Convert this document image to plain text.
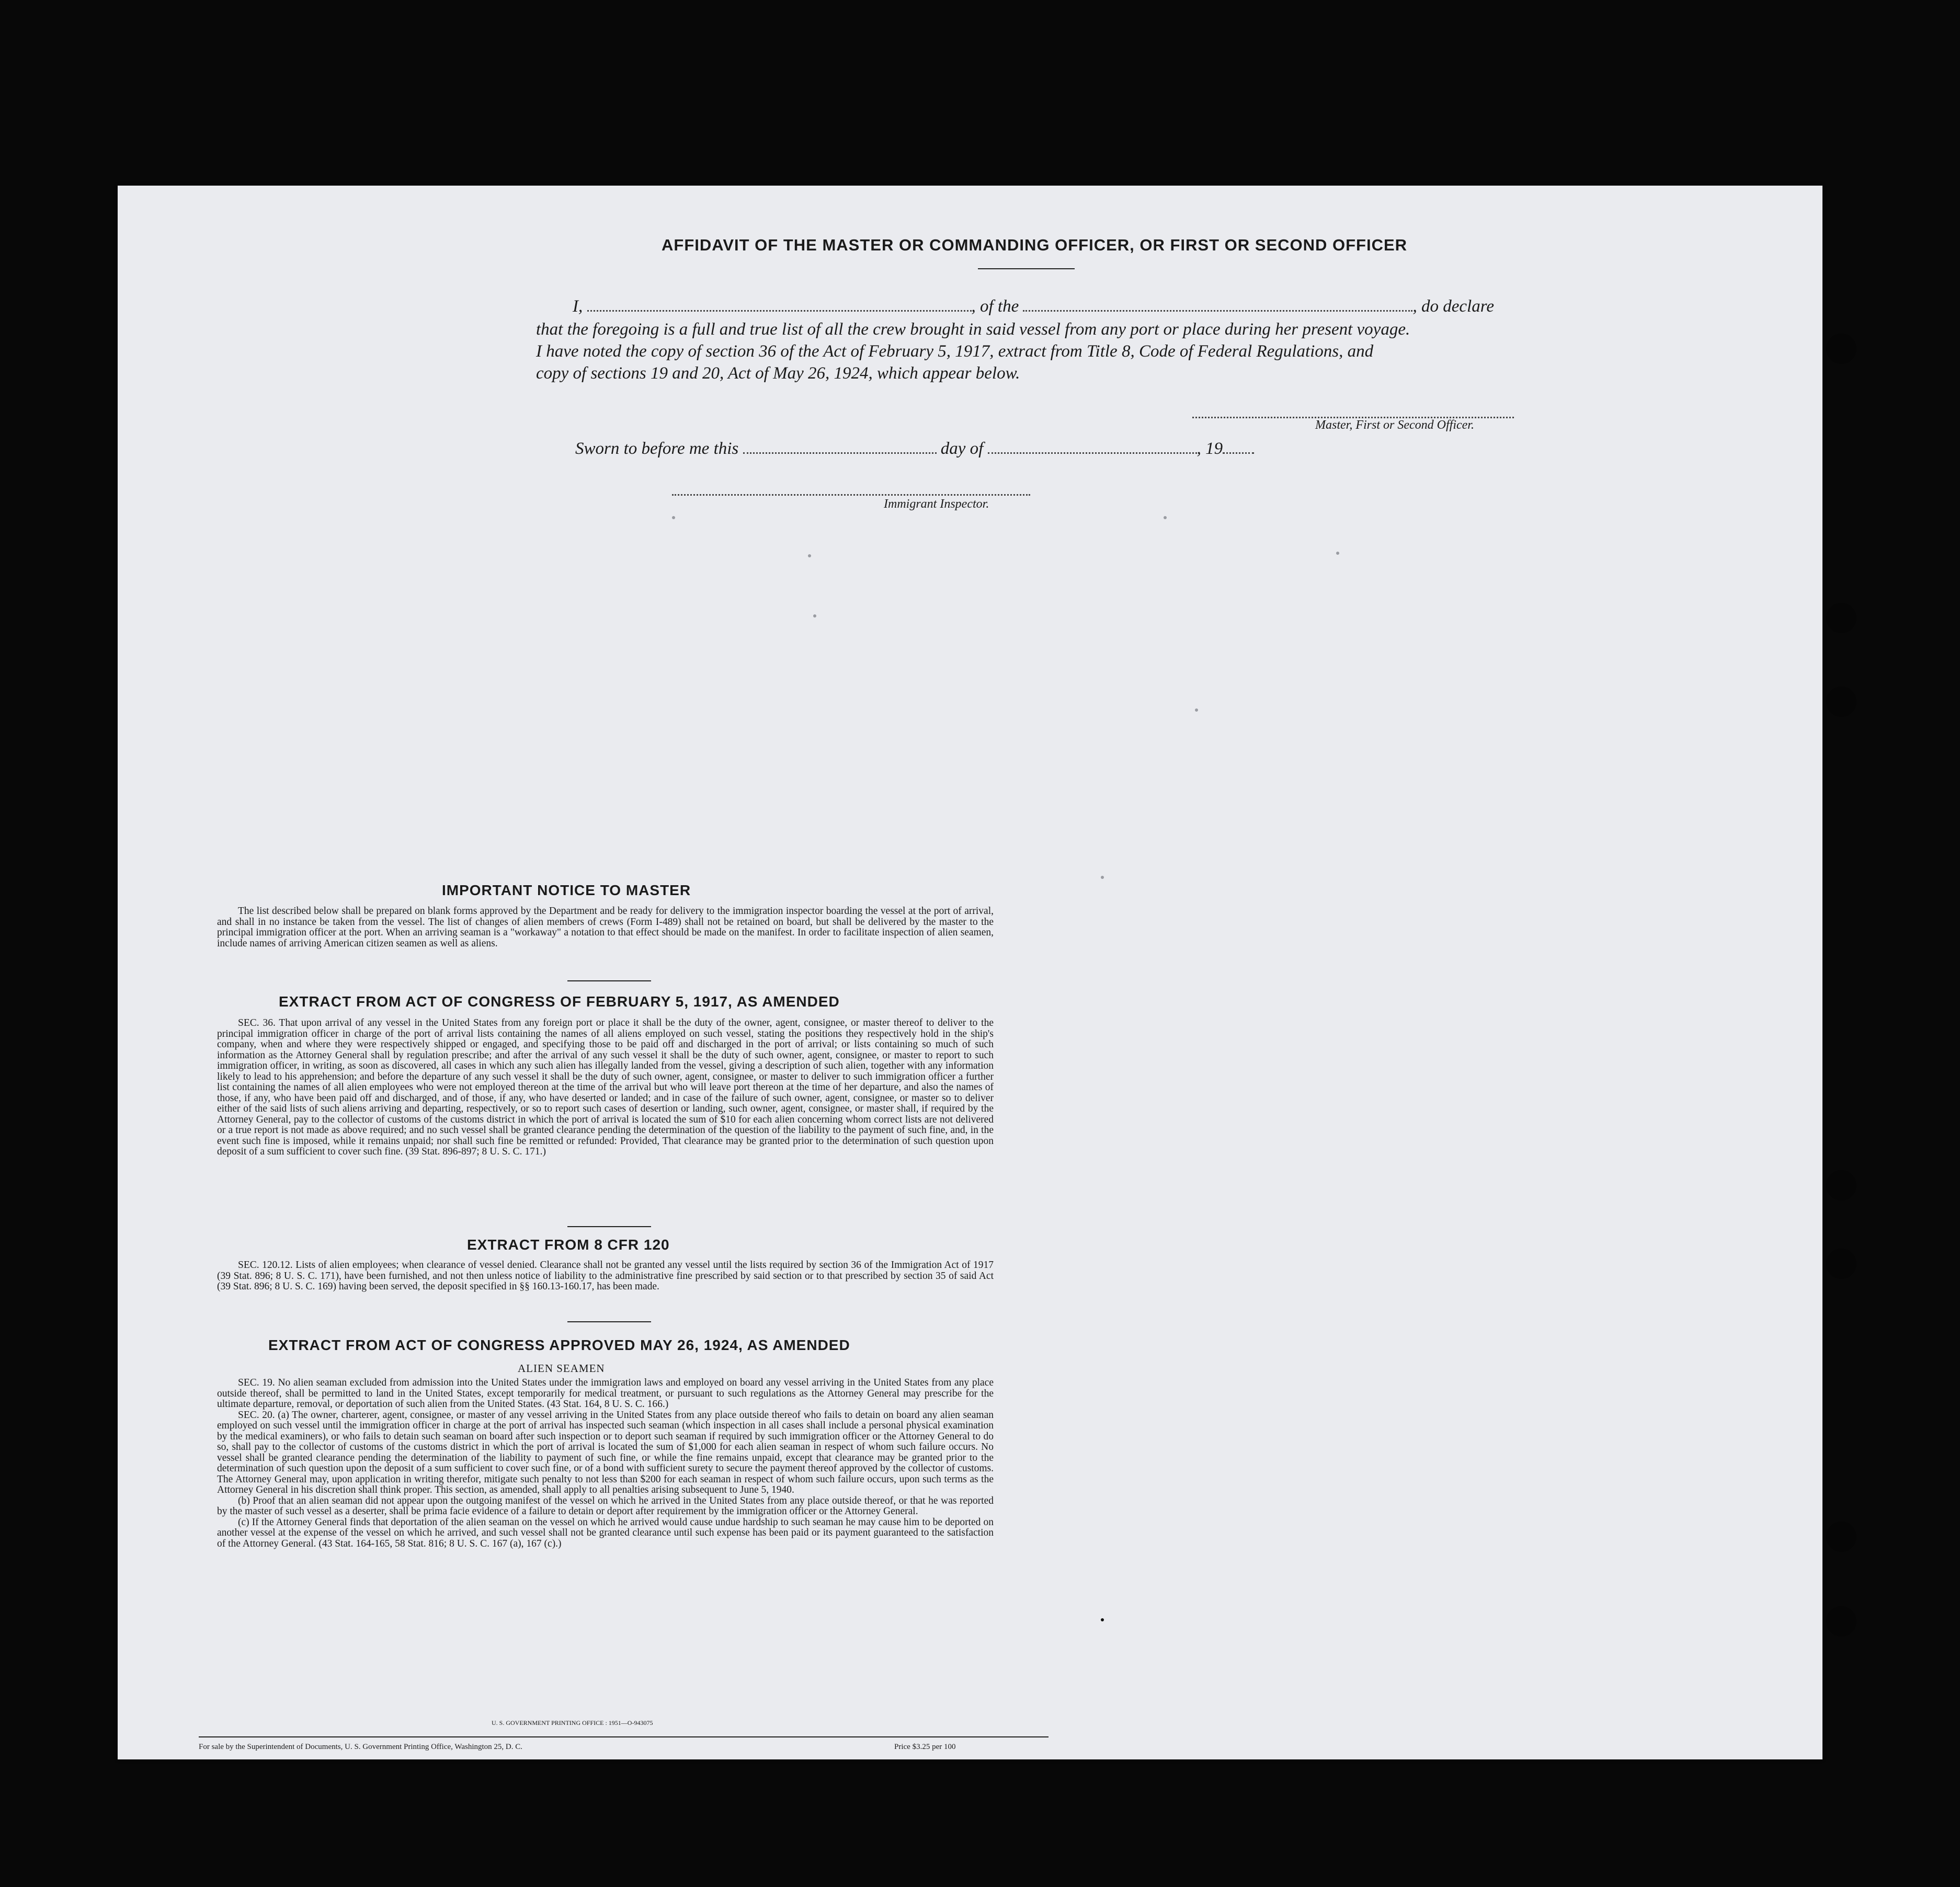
AFFIDAVIT OF THE MASTER OR COMMANDING OFFICER, OR FIRST OR SECOND OFFICER
I,	, of the	, do declare
that the foregoing is a full and true list of all the crew brought in said vessel from any port or place during her present voyage.
I have noted the copy of section 36 of the Act of February 5, 1917, extract from Title 8, Code of Federal Regulations, and
copy of sections 19 and 20, Act of May 26, 1924, which appear below.
Master, First or Second Officer.
Sworn to before me this	day of	, 19
Immigrant Inspector.
IMPORTANT NOTICE TO MASTER

The list described below shall be prepared on blank forms approved by the Department and be ready for delivery to the immigration inspector boarding the vessel at the port of arrival, and shall in no instance be taken from the vessel. The list of changes of alien members of crews (Form I-489) shall not be retained on board, but shall be delivered by the master to the principal immigration officer at the port. When an arriving seaman is a "workaway" a notation to that effect should be made on the manifest. In order to facilitate inspection of alien seamen, include names of arriving American citizen seamen as well as aliens.

EXTRACT FROM ACT OF CONGRESS OF FEBRUARY 5, 1917, AS AMENDED

SEC. 36. That upon arrival of any vessel in the United States from any foreign port or place it shall be the duty of the owner, agent, consignee, or master thereof to deliver to the principal immigration officer in charge of the port of arrival lists containing the names of all aliens employed on such vessel, stating the positions they respectively hold in the ship's company, when and where they were respectively shipped or engaged, and specifying those to be paid off and discharged in the port of arrival; or lists containing so much of such information as the Attorney General shall by regulation prescribe; and after the arrival of any such vessel it shall be the duty of such owner, agent, consignee, or master to report to such immigration officer, in writing, as soon as discovered, all cases in which any such alien has illegally landed from the vessel, giving a description of such alien, together with any information likely to lead to his apprehension; and before the departure of any such vessel it shall be the duty of such owner, agent, consignee, or master to deliver to such immigration officer a further list containing the names of all alien employees who were not employed thereon at the time of the arrival but who will leave port thereon at the time of her departure, and also the names of those, if any, who have been paid off and discharged, and of those, if any, who have deserted or landed; and in case of the failure of such owner, agent, consignee, or master so to deliver either of the said lists of such aliens arriving and departing, respectively, or so to report such cases of desertion or landing, such owner, agent, consignee, or master shall, if required by the Attorney General, pay to the collector of customs of the customs district in which the port of arrival is located the sum of $10 for each alien concerning whom correct lists are not delivered or a true report is not made as above required; and no such vessel shall be granted clearance pending the determination of the question of the liability to the payment of such fine, and, in the event such fine is imposed, while it remains unpaid; nor shall such fine be remitted or refunded: Provided, That clearance may be granted prior to the determination of such question upon deposit of a sum sufficient to cover such fine. (39 Stat. 896-897; 8 U. S. C. 171.)

EXTRACT FROM 8 CFR 120

SEC. 120.12. Lists of alien employees; when clearance of vessel denied. Clearance shall not be granted any vessel until the lists required by section 36 of the Immigration Act of 1917 (39 Stat. 896; 8 U. S. C. 171), have been furnished, and not then unless notice of liability to the administrative fine prescribed by said section or to that prescribed by section 35 of said Act (39 Stat. 896; 8 U. S. C. 169) having been served, the deposit specified in §§ 160.13-160.17, has been made.

EXTRACT FROM ACT OF CONGRESS APPROVED MAY 26, 1924, AS AMENDED
ALIEN SEAMEN

SEC. 19. No alien seaman excluded from admission into the United States under the immigration laws and employed on board any vessel arriving in the United States from any place outside thereof, shall be permitted to land in the United States, except temporarily for medical treatment, or pursuant to such regulations as the Attorney General may prescribe for the ultimate departure, removal, or deportation of such alien from the United States. (43 Stat. 164, 8 U. S. C. 166.)

SEC. 20. (a) The owner, charterer, agent, consignee, or master of any vessel arriving in the United States from any place outside thereof who fails to detain on board any alien seaman employed on such vessel until the immigration officer in charge at the port of arrival has inspected such seaman (which inspection in all cases shall include a personal physical examination by the medical examiners), or who fails to detain such seaman on board after such inspection or to deport such seaman if required by such immigration officer or the Attorney General to do so, shall pay to the collector of customs of the customs district in which the port of arrival is located the sum of $1,000 for each alien seaman in respect of whom such failure occurs. No vessel shall be granted clearance pending the determination of the liability to payment of such fine, or while the fine remains unpaid, except that clearance may be granted prior to the determination of such question upon the deposit of a sum sufficient to cover such fine, or of a bond with sufficient surety to secure the payment thereof approved by the collector of customs. The Attorney General may, upon application in writing therefor, mitigate such penalty to not less than $200 for each seaman in respect of whom such failure occurs, upon such terms as the Attorney General in his discretion shall think proper. This section, as amended, shall apply to all penalties arising subsequent to June 5, 1940.

(b) Proof that an alien seaman did not appear upon the outgoing manifest of the vessel on which he arrived in the United States from any place outside thereof, or that he was reported by the master of such vessel as a deserter, shall be prima facie evidence of a failure to detain or deport after requirement by the immigration officer or the Attorney General.

(c) If the Attorney General finds that deportation of the alien seaman on the vessel on which he arrived would cause undue hardship to such seaman he may cause him to be deported on another vessel at the expense of the vessel on which he arrived, and such vessel shall not be granted clearance until such expense has been paid or its payment guaranteed to the satisfaction of the Attorney General. (43 Stat. 164-165, 58 Stat. 816; 8 U. S. C. 167 (a), 167 (c).)

U. S. GOVERNMENT PRINTING OFFICE : 1951—O-943075
For sale by the Superintendent of Documents, U. S. Government Printing Office, Washington 25, D. C.	Price $3.25 per 100
